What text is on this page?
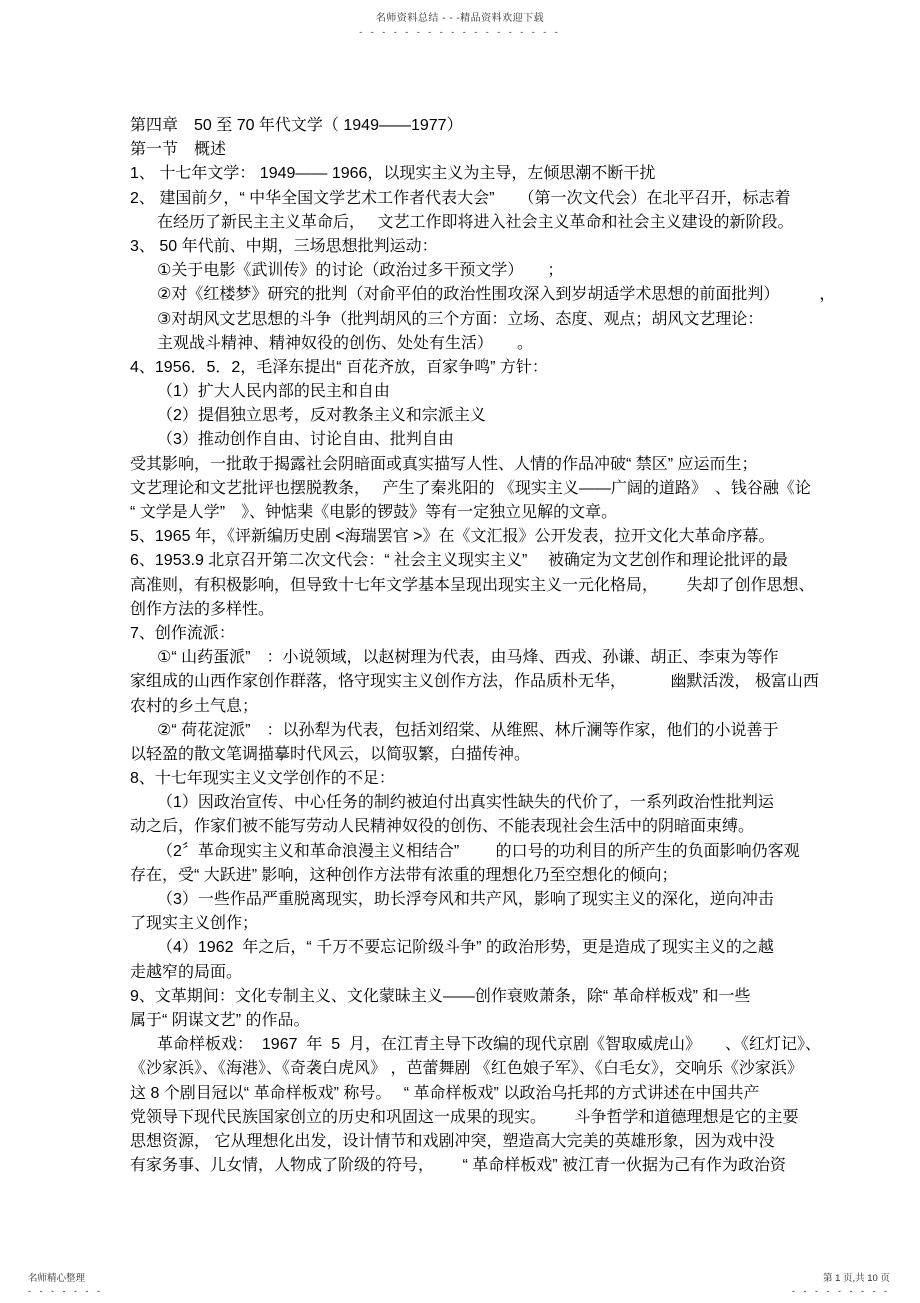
名师资料总结 - - -精品资料欢迎下载
- - - - - - - - - - - - - - - - - -
第四章　50 至 70 年代文学（ 1949——1977）
第一节　概述
1、 十七年文学： 1949—— 1966，以现实主义为主导，左倾思潮不断干扰
2、 建国前夕，“ 中华全国文学艺术工作者代表大会”　　（第一次文代会）在北平召开，标志着
在经历了新民主主义革命后，　 文艺工作即将进入社会主义革命和社会主义建设的新阶段。
3、 50 年代前、中期，三场思想批判运动：
①关于电影《武训传》的讨论（政治过多干预文学）　　；
②对《红楼梦》研究的批判（对俞平伯的政治性围攻深入到岁胡适学术思想的前面批判）　　　，
③对胡风文艺思想的斗争（批判胡风的三个方面：立场、态度、观点；胡风文艺理论：
主观战斗精神、精神奴役的创伤、处处有生活）　　。
4、1956．5．2，毛泽东提出“ 百花齐放，百家争鸣” 方针：
（1）扩大人民内部的民主和自由
（2）提倡独立思考，反对教条主义和宗派主义
（3）推动创作自由、讨论自由、批判自由
受其影响，一批敢于揭露社会阴暗面或真实描写人性、人情的作品冲破“ 禁区” 应运而生；
文艺理论和文艺批评也摆脱教条，　 产生了秦兆阳的 《现实主义——广阔的道路》　、钱谷融《论
“ 文学是人学”　》、钟惦棐《电影的锣鼓》等有一定独立见解的文章。
5、1965 年，《评新编历史剧 <海瑞罢官 >》在《文汇报》公开发表，拉开文化大革命序幕。
6、1953.9 北京召开第二次文代会：“ 社会主义现实主义”　 被确定为文艺创作和理论批评的最
高准则，有积极影响，但导致十七年文学基本呈现出现实主义一元化格局，　　 失却了创作思想、
创作方法的多样性。
7、创作流派：
①“ 山药蛋派”　：小说领域，以赵树理为代表，由马烽、西戎、孙谦、胡正、李束为等作
家组成的山西作家创作群落，恪守现实主义创作方法，作品质朴无华，　　　 幽默活泼， 极富山西
农村的乡土气息；
②“ 荷花淀派”　：以孙犁为代表，包括刘绍棠、从维熙、林斤澜等作家，他们的小说善于
以轻盈的散文笔调描摹时代风云，以简驭繁，白描传神。
8、十七年现实主义文学创作的不足：
（1）因政治宣传、中心任务的制约被迫付出真实性缺失的代价了，一系列政治性批判运
动之后，作家们被不能写劳动人民精神奴役的创伤、不能表现社会生活中的阴暗面束缚。
（2〞革命现实主义和革命浪漫主义相结合”　　 的口号的功利目的所产生的负面影响仍客观
存在，受“ 大跃进” 影响，这种创作方法带有浓重的理想化乃至空想化的倾向；
（3）一些作品严重脱离现实，助长浮夸风和共产风，影响了现实主义的深化，逆向冲击
了现实主义创作；
（4）1962  年之后，“ 千万不要忘记阶级斗争” 的政治形势，更是造成了现实主义的之越
走越窄的局面。
9、文革期间：文化专制主义、文化蒙昧主义——创作衰败萧条，除“ 革命样板戏” 和一些
属于“ 阴谋文艺” 的作品。
革命样板戏：  1967  年  5  月，在江青主导下改编的现代京剧《智取威虎山》　　、《红灯记》、
《沙家浜》、《海港》、《奇袭白虎风》 ，芭蕾舞剧 《红色娘子军》、《白毛女》，交响乐《沙家浜》
这 8 个剧目冠以“ 革命样板戏” 称号。　 “ 革命样板戏” 以政治乌托邦的方式讲述在中国共产
党领导下现代民族国家创立的历史和巩固这一成果的现实。　　 斗争哲学和道德理想是它的主要
思想资源， 它从理想化出发，设计情节和戏剧冲突，塑造高大完美的英雄形象，因为戏中没
有家务事、儿女情，人物成了阶级的符号，　　 “ 革命样板戏” 被江青一伙据为己有作为政治资
名师精心整理
- - - - - - -
第 1 页,共 10 页
- - - - - - - - -
